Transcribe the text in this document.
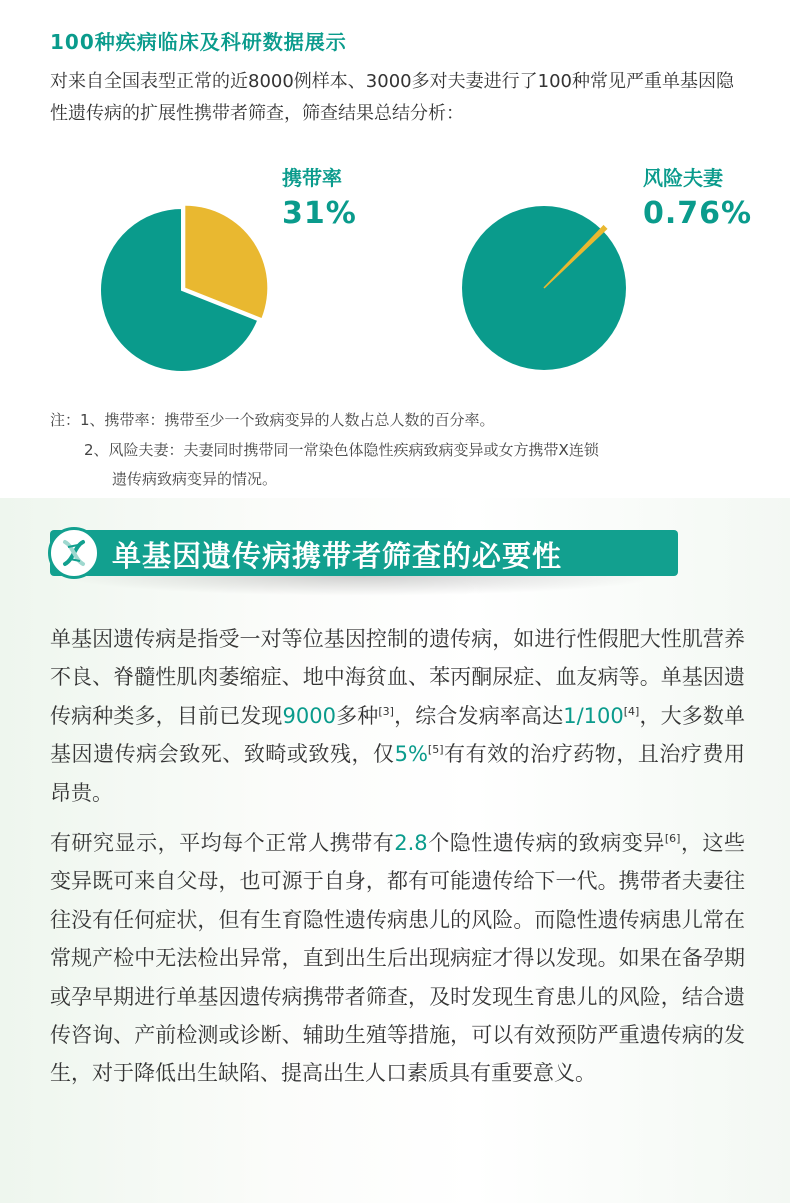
100种疾病临床及科研数据展示
对来自全国表型正常的近8000例样本、3000多对夫妻进行了100种常见严重单基因隐性遗传病的扩展性携带者筛查，筛查结果总结分析：
携带率
31%
风险夫妻
0.76%
注：1、携带率：携带至少一个致病变异的人数占总人数的百分率。
2、风险夫妻：夫妻同时携带同一常染色体隐性疾病致病变异或女方携带X连锁
遗传病致病变异的情况。
单基因遗传病携带者筛查的必要性
单基因遗传病是指受一对等位基因控制的遗传病，如进行性假肥大性肌营养不良、脊髓性肌肉萎缩症、地中海贫血、苯丙酮尿症、血友病等。单基因遗传病种类多，目前已发现9000多种[3]，综合发病率高达1/100[4]，大多数单基因遗传病会致死、致畸或致残，仅5%[5]有有效的治疗药物，且治疗费用昂贵。
有研究显示，平均每个正常人携带有2.8个隐性遗传病的致病变异[6]，这些变异既可来自父母，也可源于自身，都有可能遗传给下一代。携带者夫妻往往没有任何症状，但有生育隐性遗传病患儿的风险。而隐性遗传病患儿常在常规产检中无法检出异常，直到出生后出现病症才得以发现。如果在备孕期或孕早期进行单基因遗传病携带者筛查，及时发现生育患儿的风险，结合遗传咨询、产前检测或诊断、辅助生殖等措施，可以有效预防严重遗传病的发生，对于降低出生缺陷、提高出生人口素质具有重要意义。
